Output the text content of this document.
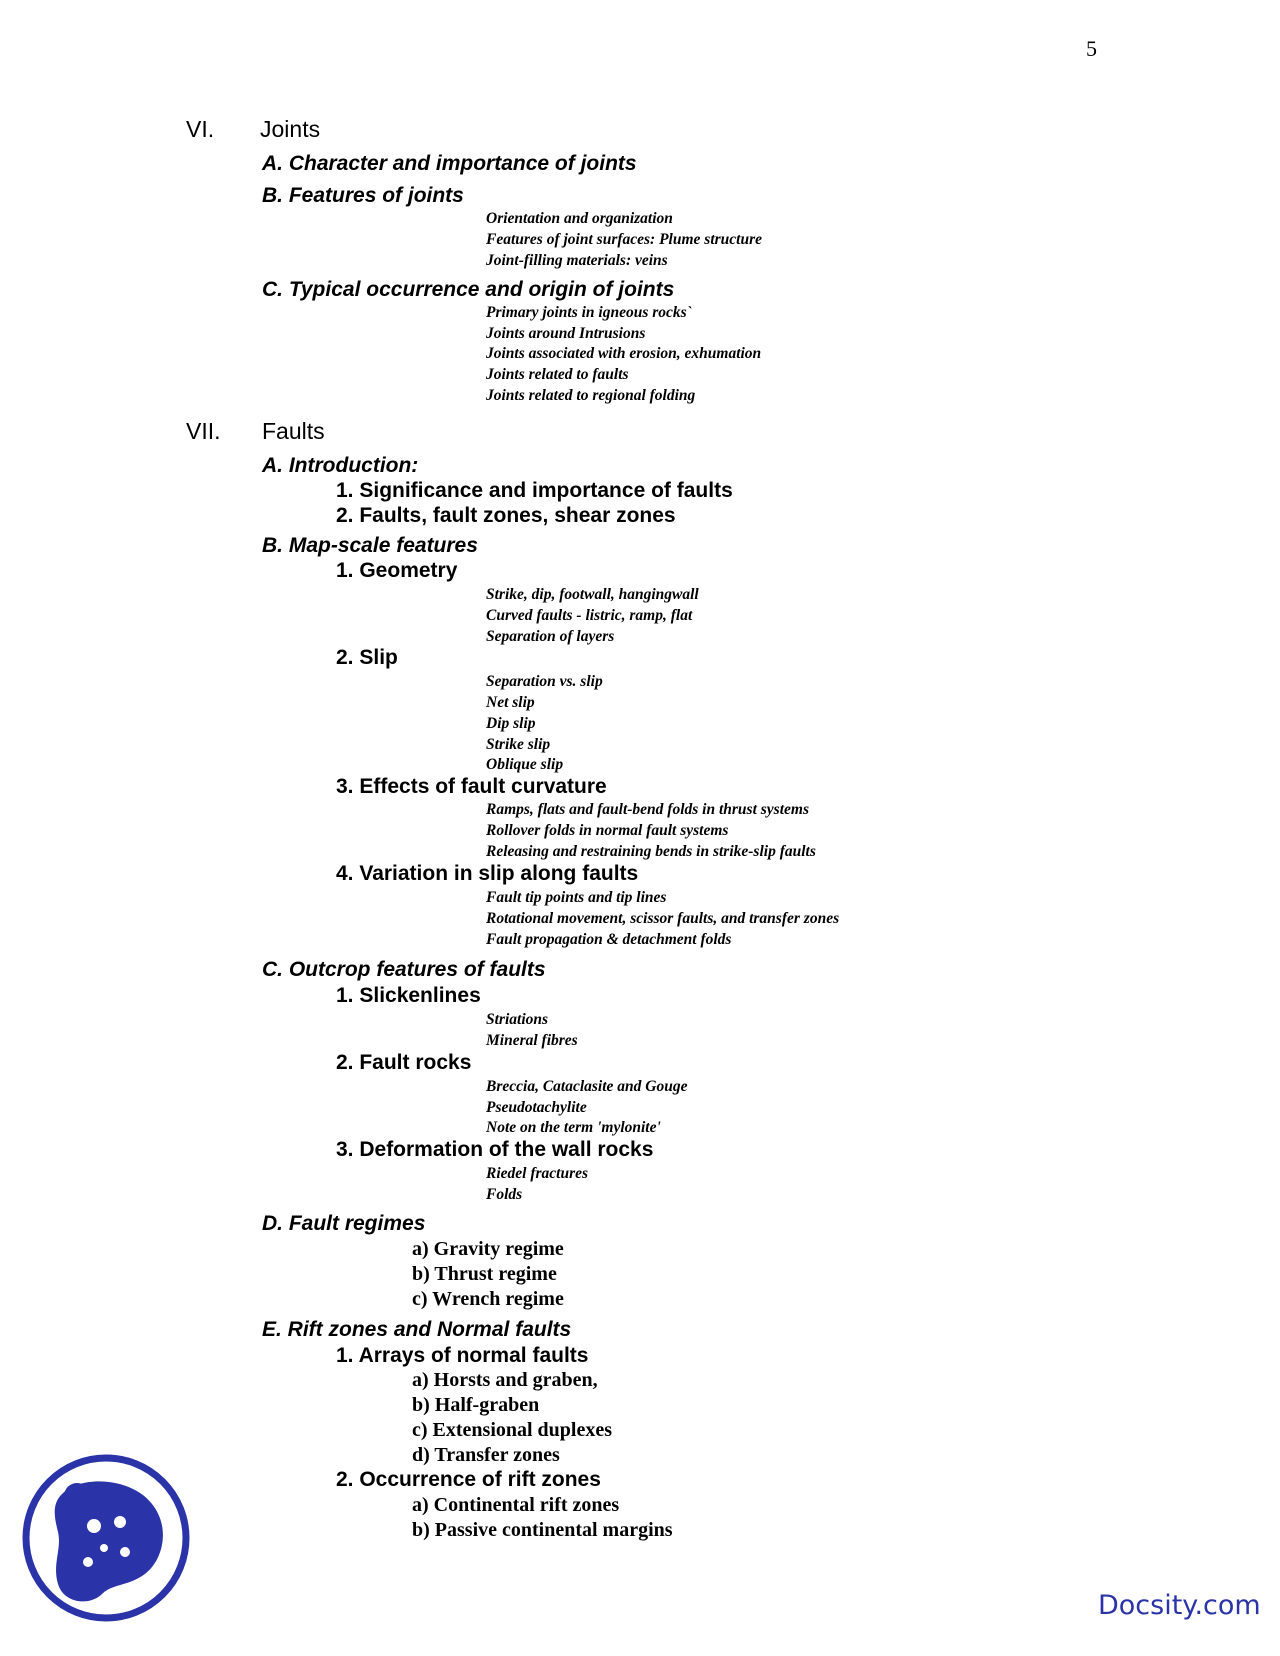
5
VI. Joints
A. Character and importance of joints
B. Features of joints
Orientation and organization
Features of joint surfaces: Plume structure
Joint-filling materials: veins
C. Typical occurrence and origin of joints
Primary joints in igneous rocks`
Joints around Intrusions
Joints associated with erosion, exhumation
Joints related to faults
Joints related to regional folding
VII. Faults
A. Introduction:
1. Significance and importance of faults
2. Faults, fault zones, shear zones
B. Map-scale features
1. Geometry
Strike, dip, footwall, hangingwall
Curved faults - listric, ramp, flat
Separation of layers
2. Slip
Separation vs. slip
Net slip
Dip slip
Strike slip
Oblique slip
3. Effects of fault curvature
Ramps, flats and fault-bend folds in thrust systems
Rollover folds in normal fault systems
Releasing and restraining bends in strike-slip faults
4. Variation in slip along faults
Fault tip points and tip lines
Rotational movement, scissor faults, and transfer zones
Fault propagation & detachment folds
C. Outcrop features of faults
1. Slickenlines
Striations
Mineral fibres
2. Fault rocks
Breccia, Cataclasite and Gouge
Pseudotachylite
Note on the term 'mylonite'
3. Deformation of the wall rocks
Riedel fractures
Folds
D. Fault regimes
a) Gravity regime
b) Thrust regime
c) Wrench regime
E. Rift zones and Normal faults
1. Arrays of normal faults
a) Horsts and graben,
b) Half-graben
c) Extensional duplexes
d) Transfer zones
2. Occurrence of rift zones
a) Continental rift zones
b) Passive continental margins
Docsity.com
